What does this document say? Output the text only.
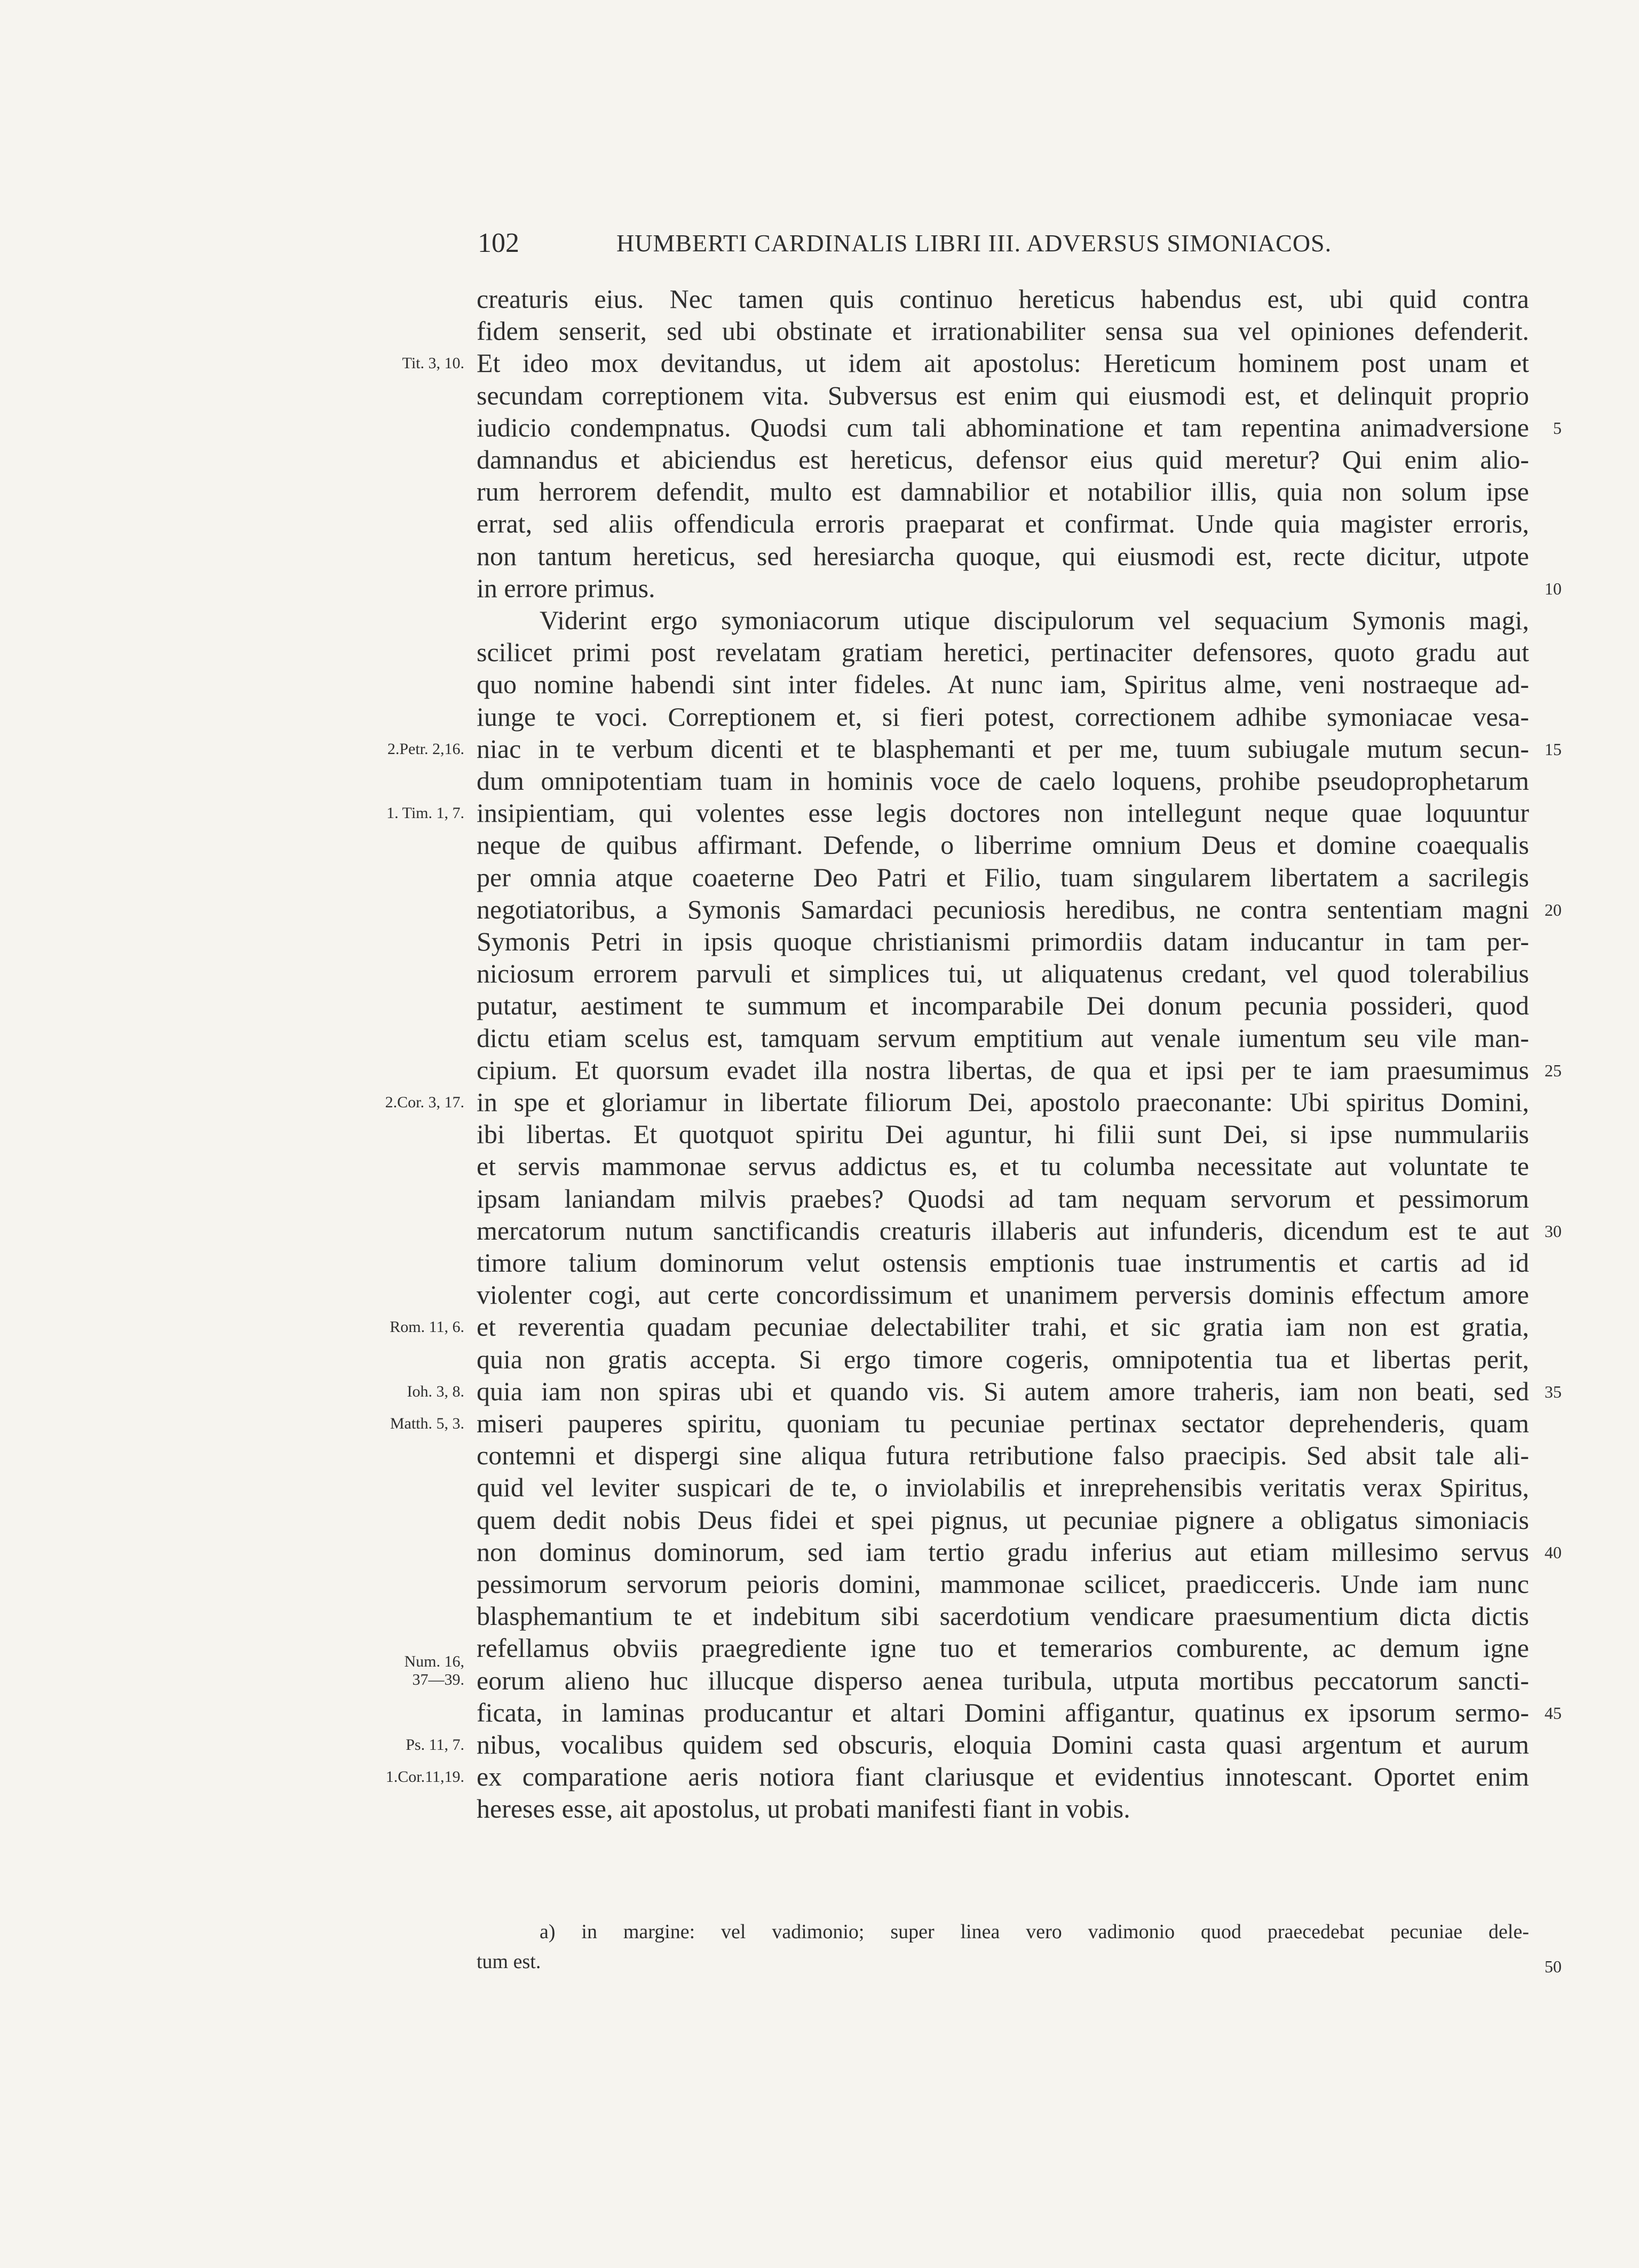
102	HUMBERTI CARDINALIS LIBRI III. ADVERSUS SIMONIACOS.
creaturis eius. Nec tamen quis continuo hereticus habendus est, ubi quid contra
fidem senserit, sed ubi obstinate et irrationabiliter sensa sua vel opiniones defenderit.
Et ideo mox devitandus, ut idem ait apostolus: Hereticum hominem post unam et
secundam correptionem vita. Subversus est enim qui eiusmodi est, et delinquit proprio
iudicio condempnatus. Quodsi cum tali abhominatione et tam repentina animadversione
damnandus et abiciendus est hereticus, defensor eius quid meretur? Qui enim alio-
rum herrorem defendit, multo est damnabilior et notabilior illis, quia non solum ipse
errat, sed aliis offendicula erroris praeparat et confirmat. Unde quia magister erroris,
non tantum hereticus, sed heresiarcha quoque, qui eiusmodi est, recte dicitur, utpote
in errore primus.
Viderint ergo symoniacorum utique discipulorum vel sequacium Symonis magi,
scilicet primi post revelatam gratiam heretici, pertinaciter defensores, quoto gradu aut
quo nomine habendi sint inter fideles. At nunc iam, Spiritus alme, veni nostraeque ad-
iunge te voci. Correptionem et, si fieri potest, correctionem adhibe symoniacae vesa-
niac in te verbum dicenti et te blasphemanti et per me, tuum subiugale mutum secun-
dum omnipotentiam tuam in hominis voce de caelo loquens, prohibe pseudoprophetarum
insipientiam, qui volentes esse legis doctores non intellegunt neque quae loquuntur
neque de quibus affirmant. Defende, o liberrime omnium Deus et domine coaequalis
per omnia atque coaeterne Deo Patri et Filio, tuam singularem libertatem a sacrilegis
negotiatoribus, a Symonis Samardaci pecuniosis heredibus, ne contra sententiam magni
Symonis Petri in ipsis quoque christianismi primordiis datam inducantur in tam per-
niciosum errorem parvuli et simplices tui, ut aliquatenus credant, vel quod tolerabilius
putatur, aestiment te summum et incomparabile Dei donum pecunia possideri, quod
dictu etiam scelus est, tamquam servum emptitium aut venale iumentum seu vile man-
cipium. Et quorsum evadet illa nostra libertas, de qua et ipsi per te iam praesumimus
in spe et gloriamur in libertate filiorum Dei, apostolo praeconante: Ubi spiritus Domini,
ibi libertas. Et quotquot spiritu Dei aguntur, hi filii sunt Dei, si ipse nummulariis
et servis mammonae servus addictus es, et tu columba necessitate aut voluntate te
ipsam laniandam milvis praebes? Quodsi ad tam nequam servorum et pessimorum
mercatorum nutum sanctificandis creaturis illaberis aut infunderis, dicendum est te aut
timore talium dominorum velut ostensis emptionis tuae instrumentis et cartis ad id
violenter cogi, aut certe concordissimum et unanimem perversis dominis effectum amore
et reverentia quadam pecuniae delectabiliter trahi, et sic gratia iam non est gratia,
quia non gratis accepta. Si ergo timore cogeris, omnipotentia tua et libertas perit,
quia iam non spiras ubi et quando vis. Si autem amore traheris, iam non beati, sed
miseri pauperes spiritu, quoniam tu pecuniae pertinax sectator deprehenderis, quam
contemni et dispergi sine aliqua futura retributione falso praecipis. Sed absit tale ali-
quid vel leviter suspicari de te, o inviolabilis et inreprehensibis veritatis verax Spiritus,
quem dedit nobis Deus fidei et spei pignus, ut pecuniae pignere a obligatus simoniacis
non dominus dominorum, sed iam tertio gradu inferius aut etiam millesimo servus
pessimorum servorum peioris domini, mammonae scilicet, praedicceris. Unde iam nunc
blasphemantium te et indebitum sibi sacerdotium vendicare praesumentium dicta dictis
refellamus obviis praegrediente igne tuo et temerarios comburente, ac demum igne
eorum alieno huc illucque disperso aenea turibula, utputa mortibus peccatorum sancti-
ficata, in laminas producantur et altari Domini affigantur, quatinus ex ipsorum sermo-
nibus, vocalibus quidem sed obscuris, eloquia Domini casta quasi argentum et aurum
ex comparatione aeris notiora fiant clariusque et evidentius innotescant. Oportet enim
hereses esse, ait apostolus, ut probati manifesti fiant in vobis.
Tit. 3, 10.
2.Petr. 2,16.
1. Tim. 1, 7.
2.Cor. 3, 17.
Rom. 11, 6.
Ioh. 3, 8.
Matth. 5, 3.
Num. 16,
37—39.
Ps. 11, 7.
1.Cor.11,19.
5
10
15
20
25
30
35
40
45
a) in margine: vel vadimonio; super linea vero vadimonio quod praecedebat pecuniae dele-
tum est.	50
